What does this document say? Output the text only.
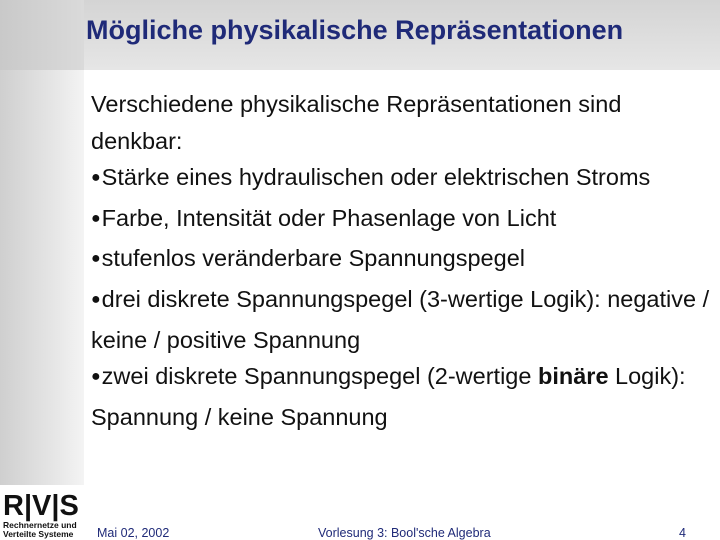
Mögliche physikalische Repräsentationen
Verschiedene physikalische Repräsentationen sind denkbar:
●Stärke eines hydraulischen oder elektrischen Stroms
●Farbe, Intensität oder Phasenlage von Licht
●stufenlos veränderbare Spannungspegel
●drei diskrete Spannungspegel (3-wertige Logik): negative / keine / positive Spannung
●zwei diskrete Spannungspegel (2-wertige binäre Logik): Spannung / keine Spannung
R|V|S
Rechnernetze und
Verteilte Systeme	Mai 02, 2002	Vorlesung 3: Bool'sche Algebra	4
